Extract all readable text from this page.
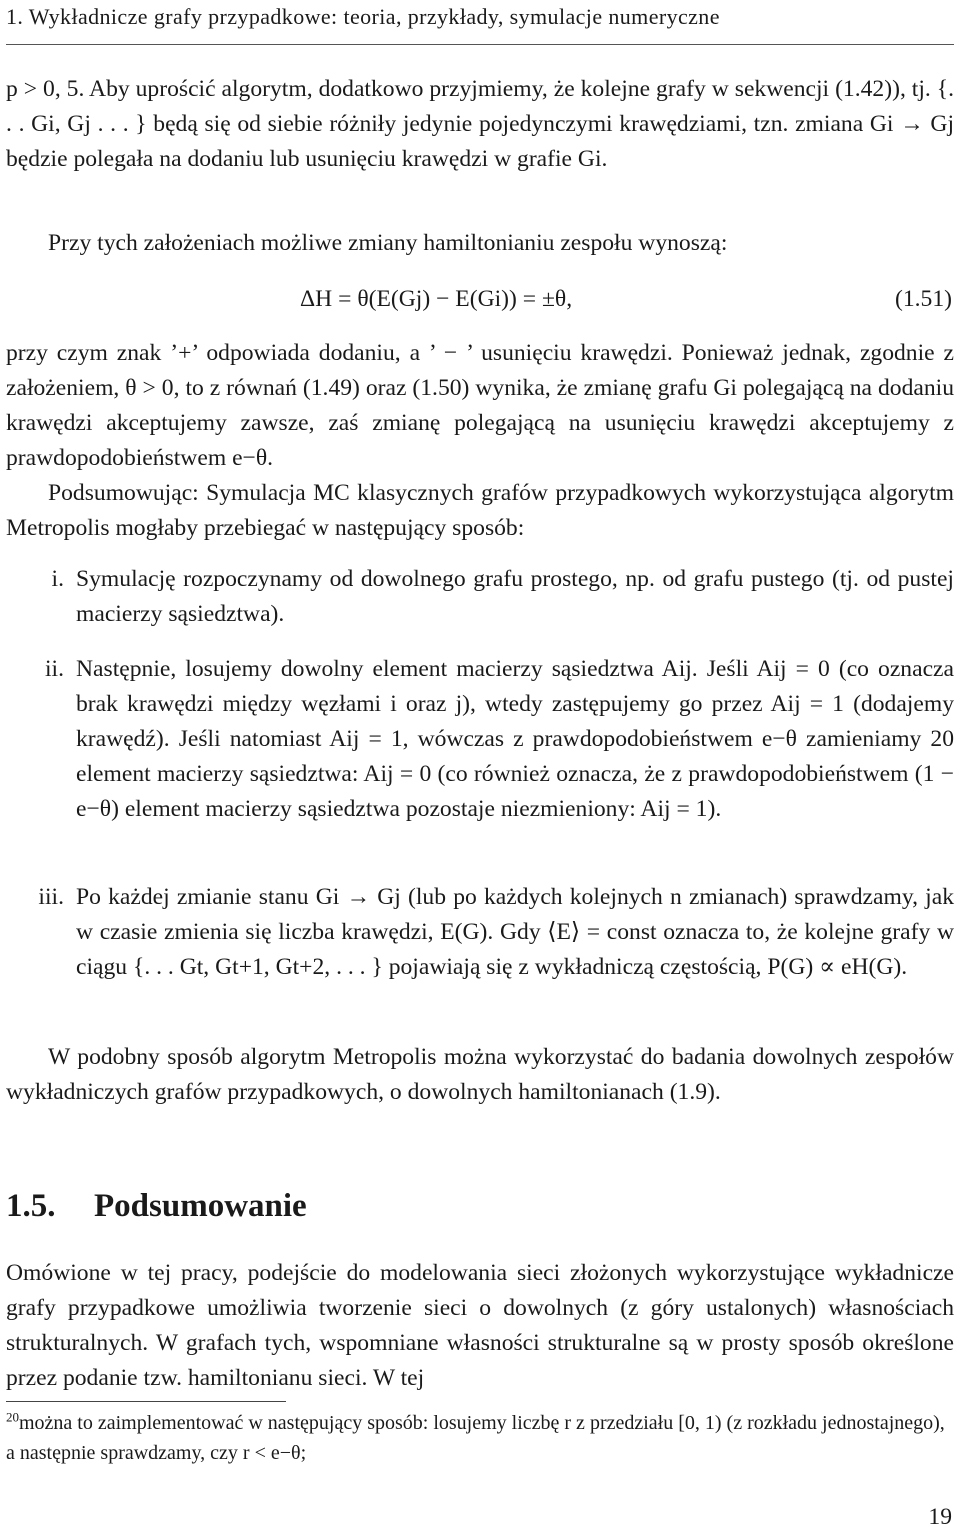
1. Wykładnicze grafy przypadkowe: teoria, przykłady, symulacje numeryczne

p > 0, 5. Aby uprościć algorytm, dodatkowo przyjmiemy, że kolejne grafy w sekwencji (1.42)), tj. {. . . Gi, Gj . . . } będą się od siebie różniły jedynie pojedynczymi krawędziami, tzn. zmiana Gi → Gj będzie polegała na dodaniu lub usunięciu krawędzi w grafie Gi.

Przy tych założeniach możliwe zmiany hamiltonianiu zespołu wynoszą:

ΔH = θ(E(Gj) − E(Gi)) = ±θ,	(1.51)

przy czym znak ’+’ odpowiada dodaniu, a ’ − ’ usunięciu krawędzi. Ponieważ jednak, zgodnie z założeniem, θ > 0, to z równań (1.49) oraz (1.50) wynika, że zmianę grafu Gi polegającą na dodaniu krawędzi akceptujemy zawsze, zaś zmianę polegającą na usunięciu krawędzi akceptujemy z prawdopodobieństwem e−θ.

Podsumowując: Symulacja MC klasycznych grafów przypadkowych wykorzystująca algorytm Metropolis mogłaby przebiegać w następujący sposób:

i. Symulację rozpoczynamy od dowolnego grafu prostego, np. od grafu pustego (tj. od pustej macierzy sąsiedztwa).

ii. Następnie, losujemy dowolny element macierzy sąsiedztwa Aij. Jeśli Aij = 0 (co oznacza brak krawędzi między węzłami i oraz j), wtedy zastępujemy go przez Aij = 1 (dodajemy krawędź). Jeśli natomiast Aij = 1, wówczas z prawdopodobieństwem e−θ zamieniamy 20 element macierzy sąsiedztwa: Aij = 0 (co również oznacza, że z prawdopodobieństwem (1 − e−θ) element macierzy sąsiedztwa pozostaje niezmieniony: Aij = 1).

iii. Po każdej zmianie stanu Gi → Gj (lub po każdych kolejnych n zmianach) sprawdzamy, jak w czasie zmienia się liczba krawędzi, E(G). Gdy ⟨E⟩ = const oznacza to, że kolejne grafy w ciągu {. . . Gt, Gt+1, Gt+2, . . . } pojawiają się z wykładniczą częstością, P(G) ∝ eH(G).

W podobny sposób algorytm Metropolis można wykorzystać do badania dowolnych zespołów wykładniczych grafów przypadkowych, o dowolnych hamiltonianach (1.9).

1.5. Podsumowanie

Omówione w tej pracy, podejście do modelowania sieci złożonych wykorzystujące wykładnicze grafy przypadkowe umożliwia tworzenie sieci o dowolnych (z góry ustalonych) własnościach strukturalnych. W grafach tych, wspomniane własności strukturalne są w prosty sposób określone przez podanie tzw. hamiltonianu sieci. W tej

$^{20}$można to zaimplementować w następujący sposób: losujemy liczbę r z przedziału [0, 1) (z rozkładu jednostajnego), a następnie sprawdzamy, czy r < e−θ;

19
